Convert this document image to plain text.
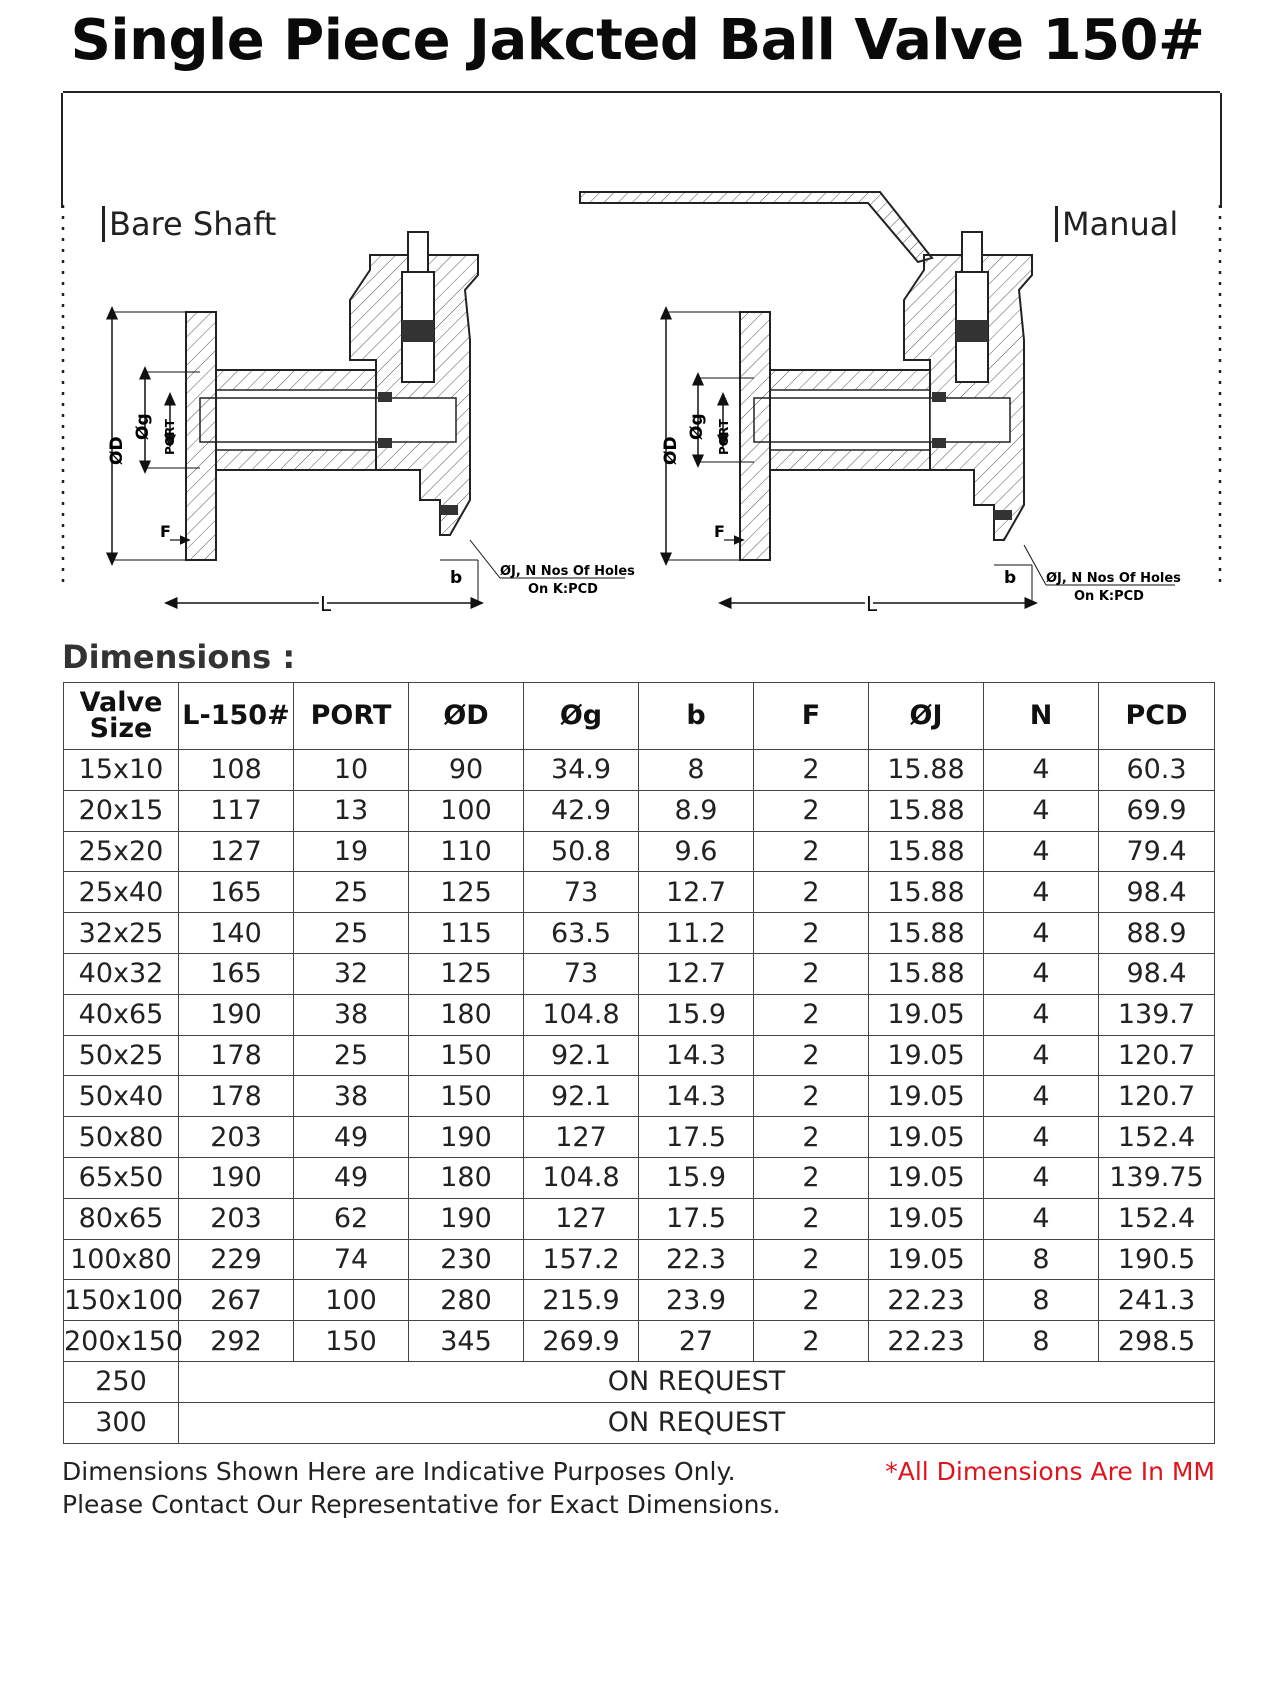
Single Piece Jakcted Ball Valve 150#
ØD
Øg PORT
F
b
L
ØJ, N Nos Of Holes
On K:PCD
ØD
Øg PORT
F
b
L
ØJ, N Nos Of Holes
On K:PCD
Bare Shaft	Manual
Dimensions :
Valve Size	L-150#	PORT	ØD	Øg	b	F	ØJ	N	PCD
15x10	108	10	90	34.9	8	2	15.88	4	60.3
20x15	117	13	100	42.9	8.9	2	15.88	4	69.9
25x20	127	19	110	50.8	9.6	2	15.88	4	79.4
25x40	165	25	125	73	12.7	2	15.88	4	98.4
32x25	140	25	115	63.5	11.2	2	15.88	4	88.9
40x32	165	32	125	73	12.7	2	15.88	4	98.4
40x65	190	38	180	104.8	15.9	2	19.05	4	139.7
50x25	178	25	150	92.1	14.3	2	19.05	4	120.7
50x40	178	38	150	92.1	14.3	2	19.05	4	120.7
50x80	203	49	190	127	17.5	2	19.05	4	152.4
65x50	190	49	180	104.8	15.9	2	19.05	4	139.75
80x65	203	62	190	127	17.5	2	19.05	4	152.4
100x80	229	74	230	157.2	22.3	2	19.05	8	190.5
150x100	267	100	280	215.9	23.9	2	22.23	8	241.3
200x150	292	150	345	269.9	27	2	22.23	8	298.5
250	ON REQUEST								
300	ON REQUEST								
Dimensions Shown Here are Indicative Purposes Only.
Please Contact Our Representative for Exact Dimensions.
*All Dimensions Are In MM
